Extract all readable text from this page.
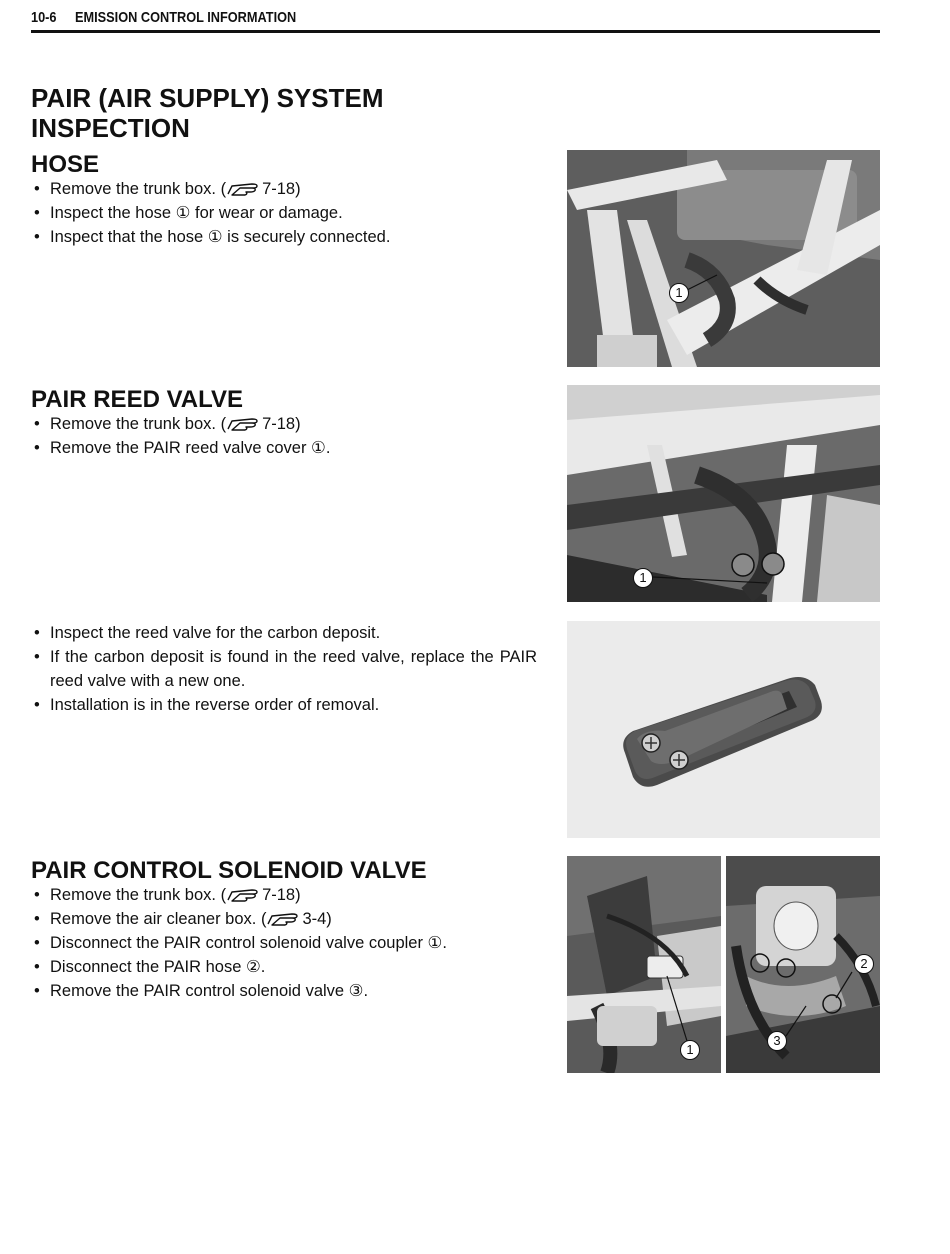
10-6 EMISSION CONTROL INFORMATION
PAIR (AIR SUPPLY) SYSTEM
INSPECTION
HOSE
• Remove the trunk box. ( 7-18)
• Inspect the hose ① for wear or damage.
• Inspect that the hose ① is securely connected.
1
PAIR REED VALVE
• Remove the trunk box. ( 7-18)
• Remove the PAIR reed valve cover ①.
1
• Inspect the reed valve for the carbon deposit.
• If the carbon deposit is found in the reed valve, replace the PAIR reed valve with a new one.
• Installation is in the reverse order of removal.
PAIR CONTROL SOLENOID VALVE
• Remove the trunk box. ( 7-18)
• Remove the air cleaner box. ( 3-4)
• Disconnect the PAIR control solenoid valve coupler ①.
• Disconnect the PAIR hose ②.
• Remove the PAIR control solenoid valve ③.
1
2
3
